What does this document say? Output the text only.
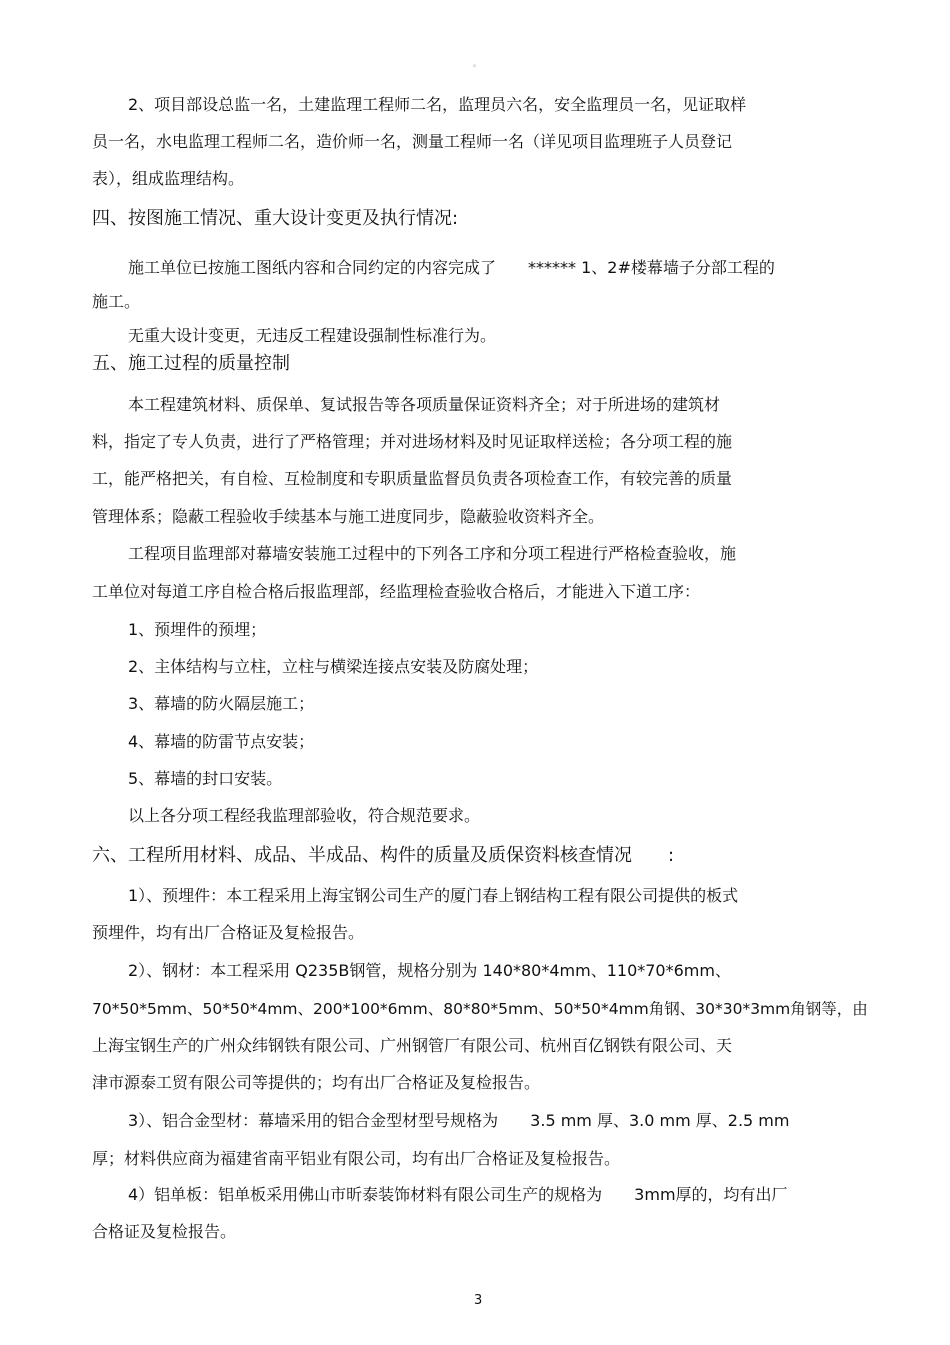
。
2、项目部设总监一名，土建监理工程师二名，监理员六名，安全监理员一名，见证取样
员一名，水电监理工程师二名，造价师一名，测量工程师一名（详见项目监理班子人员登记
表），组成监理结构。
四、按图施工情况、重大设计变更及执行情况:
施工单位已按施工图纸内容和合同约定的内容完成了　　****** 1、2#楼幕墙子分部工程的
施工。
无重大设计变更，无违反工程建设强制性标准行为。
五、施工过程的质量控制
本工程建筑材料、质保单、复试报告等各项质量保证资料齐全；对于所进场的建筑材
料，指定了专人负责，进行了严格管理；并对进场材料及时见证取样送检；各分项工程的施
工，能严格把关，有自检、互检制度和专职质量监督员负责各项检查工作，有较完善的质量
管理体系；隐蔽工程验收手续基本与施工进度同步，隐蔽验收资料齐全。
工程项目监理部对幕墙安装施工过程中的下列各工序和分项工程进行严格检查验收，施
工单位对每道工序自检合格后报监理部，经监理检查验收合格后，才能进入下道工序：
1、预埋件的预埋；
2、主体结构与立柱，立柱与横梁连接点安装及防腐处理；
3、幕墙的防火隔层施工；
4、幕墙的防雷节点安装；
5、幕墙的封口安装。
以上各分项工程经我监理部验收，符合规范要求。
六、工程所用材料、成品、半成品、构件的质量及质保资料核查情况　　:
1）、预埋件：本工程采用上海宝钢公司生产的厦门春上钢结构工程有限公司提供的板式
预埋件，均有出厂合格证及复检报告。
2）、钢材：本工程采用 Q235B钢管，规格分别为 140*80*4mm、110*70*6mm、
70*50*5mm、50*50*4mm、200*100*6mm、80*80*5mm、50*50*4mm角钢、30*30*3mm角钢等，由
上海宝钢生产的广州众纬钢铁有限公司、广州钢管厂有限公司、杭州百亿钢铁有限公司、天
津市源泰工贸有限公司等提供的；均有出厂合格证及复检报告。
3）、铝合金型材：幕墙采用的铝合金型材型号规格为　　3.5 mm 厚、3.0 mm 厚、2.5 mm
厚；材料供应商为福建省南平铝业有限公司，均有出厂合格证及复检报告。
4）铝单板：铝单板采用佛山市昕泰装饰材料有限公司生产的规格为　　3mm厚的，均有出厂
合格证及复检报告。
3
